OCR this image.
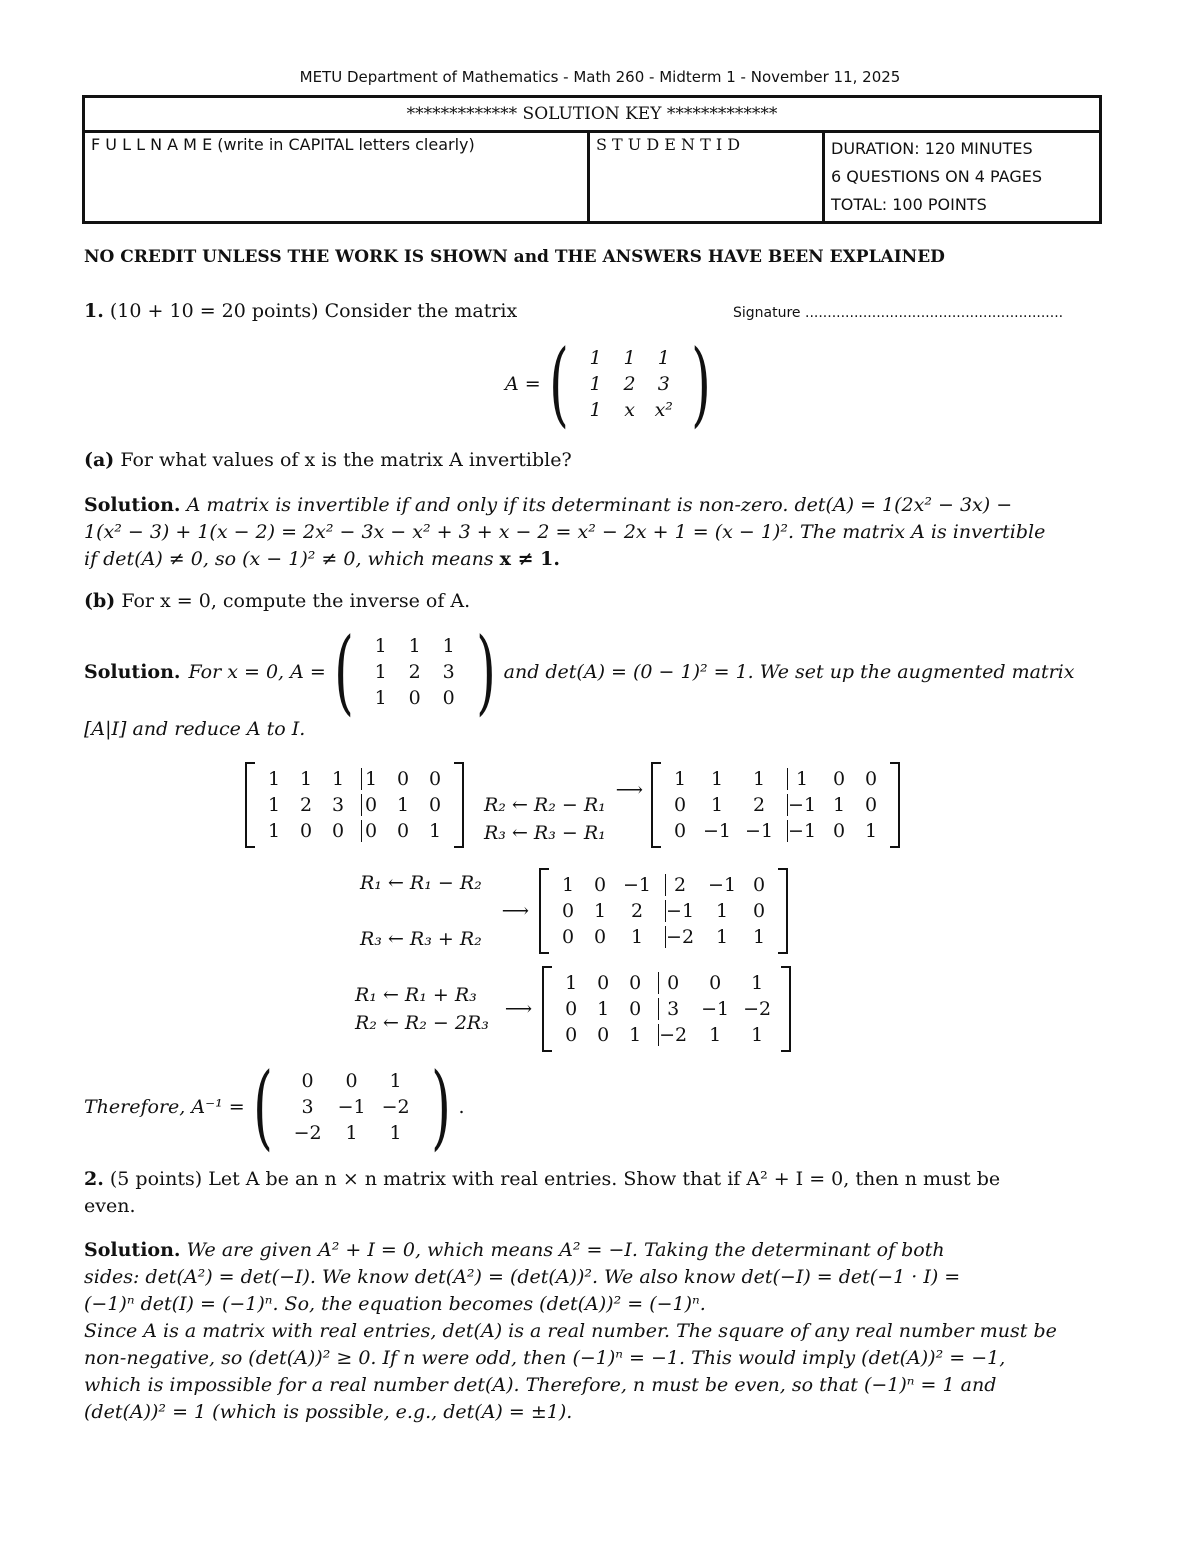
METU Department of Mathematics - Math 260 - Midterm 1 - November 11, 2025
************* SOLUTION KEY *************
F U L L N A M E (write in CAPITAL letters clearly)	S T U D E N T I D	DURATION: 120 MINUTES
6 QUESTIONS ON 4 PAGES
TOTAL: 100 POINTS
NO CREDIT UNLESS THE WORK IS SHOWN and THE ANSWERS HAVE BEEN EXPLAINED
1. (10 + 10 = 20 points) Consider the matrix	Signature ..........................................................
A = ( 1 1 1
1 2 3
1 x x² )
(a) For what values of x is the matrix A invertible?
Solution. A matrix is invertible if and only if its determinant is non-zero. det(A) = 1(2x² − 3x) −
1(x² − 3) + 1(x − 2) = 2x² − 3x − x² + 3 + x − 2 = x² − 2x + 1 = (x − 1)². The matrix A is invertible
if det(A) ≠ 0, so (x − 1)² ≠ 0, which means x ≠ 1.
(b) For x = 0, compute the inverse of A.
Solution. For x = 0, A = ( 1 1 1
1 2 3
1 0 0 ) and det(A) = (0 − 1)² = 1. We set up the augmented matrix
[A|I] and reduce A to I.
1 1 1 1 0 0
1 2 3 0 1 0
1 0 0 0 0 1
R₂ ← R₂ − R₁
R₃ ← R₃ − R₁
⟶ 1	1	1	1	0 0
0	1	2	−1 1 0
0 −1 −1 −1 0 1
R₁ ← R₁ − R₂
R₃ ← R₃ + R₂
⟶
1 0 −1	2	−1 0
0 1	2	−1	1	0
0 0	1	−2	1	1
R₁ ← R₁ + R₃
R₂ ← R₂ − 2R₃
⟶
1 0 0	0	0	1
0 1 0	3	−1 −2
0 0 1 −2	1	1
Therefore, A⁻¹ = (	0	0	1
3	−1 −2
−2	1	1 ) .
2. (5 points) Let A be an n × n matrix with real entries. Show that if A² + I = 0, then n must be
even.
Solution. We are given A² + I = 0, which means A² = −I. Taking the determinant of both
sides: det(A²) = det(−I). We know det(A²) = (det(A))². We also know det(−I) = det(−1 · I) =
(−1)ⁿ det(I) = (−1)ⁿ. So, the equation becomes (det(A))² = (−1)ⁿ.
Since A is a matrix with real entries, det(A) is a real number. The square of any real number must be
non-negative, so (det(A))² ≥ 0. If n were odd, then (−1)ⁿ = −1. This would imply (det(A))² = −1,
which is impossible for a real number det(A). Therefore, n must be even, so that (−1)ⁿ = 1 and
(det(A))² = 1 (which is possible, e.g., det(A) = ±1).
